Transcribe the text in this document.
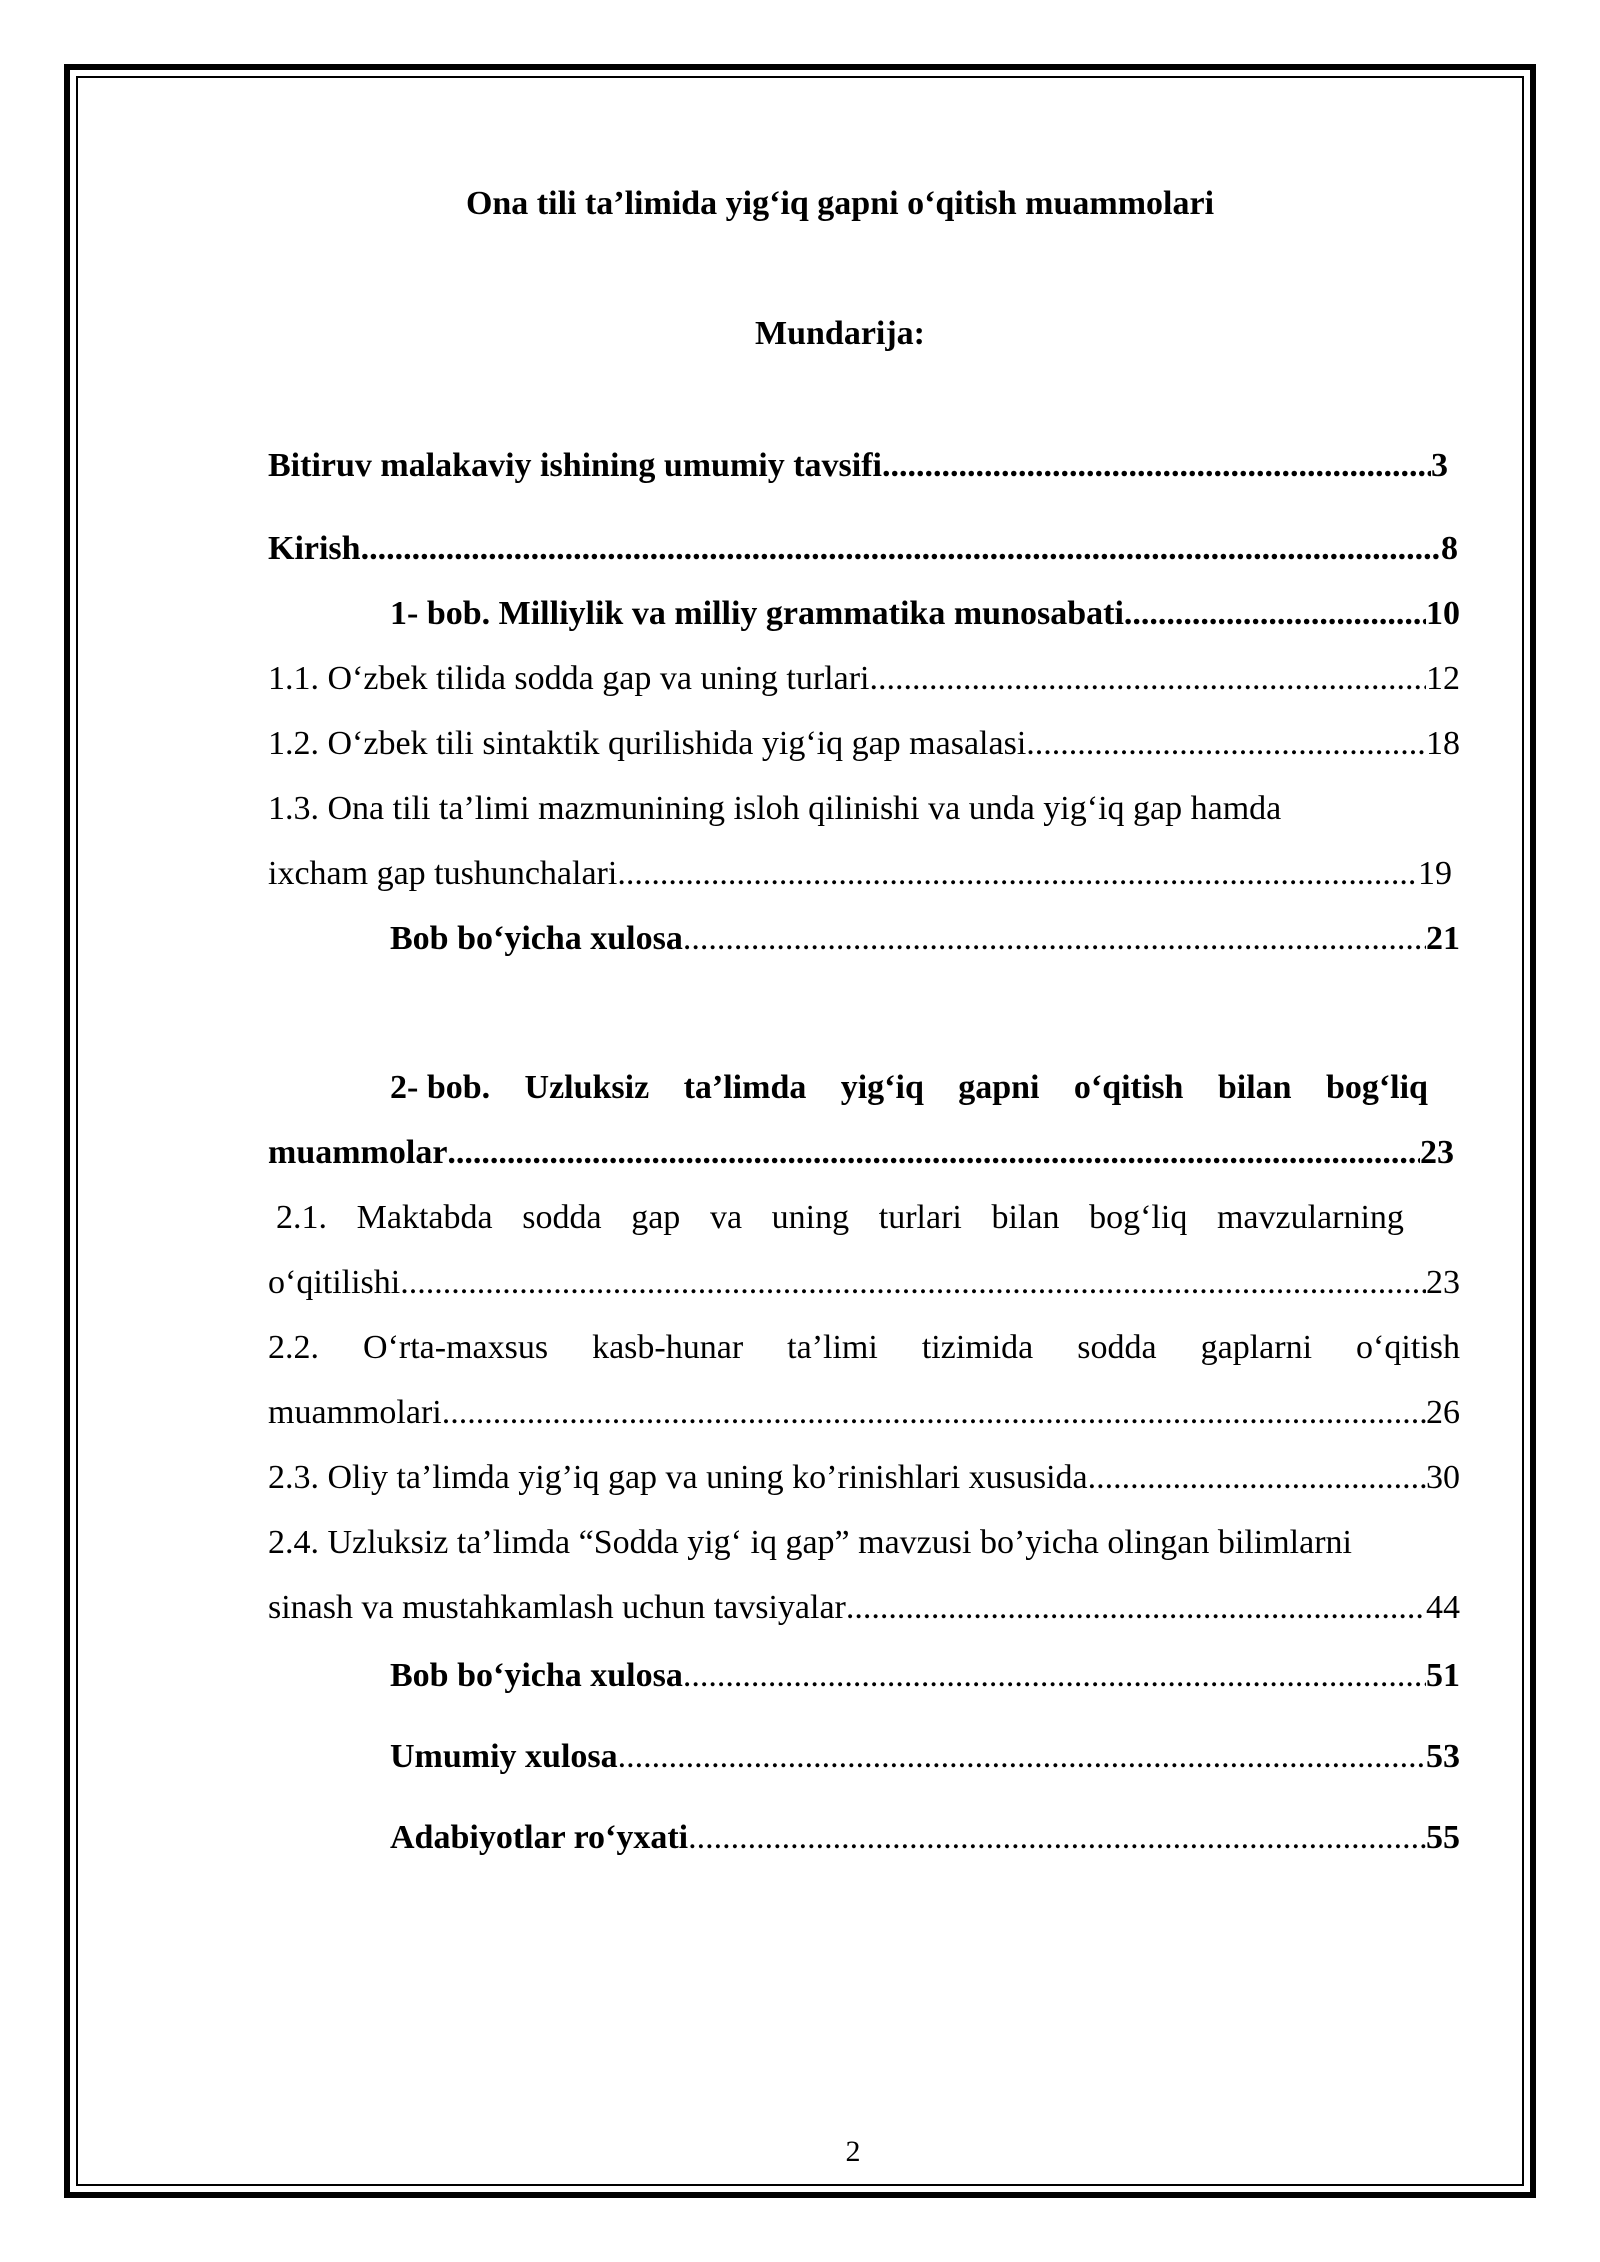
Ona tili ta’limida yig‘iq gapni o‘qitish muammolari
Mundarija:
Bitiruv malakaviy ishining umumiy tavsifi .....	3
Kirish .....	8
1- bob. Milliylik va milliy grammatika munosabati .....	10
1.1. O‘zbek tilida sodda gap va uning turlari .....	12
1.2. O‘zbek tili sintaktik qurilishida yig‘iq gap masalasi .....	18
1.3. Ona tili ta’limi mazmunining isloh qilinishi va unda yig‘iq gap hamda
ixcham gap tushunchalari .....	19
Bob bo‘yicha xulosa .....	21
2- bob. Uzluksiz ta’limda yig‘iq gapni o‘qitish bilan bog‘liq
muammolar .....	23
2.1. Maktabda sodda gap va uning turlari bilan bog‘liq mavzularning
o‘qitilishi .....	23
2.2. O‘rta-maxsus kasb-hunar ta’limi tizimida sodda gaplarni o‘qitish
muammolari .....	26
2.3. Oliy ta’limda yig’iq gap va uning ko’rinishlari xususida .....	30
2.4. Uzluksiz ta’limda “Sodda yig‘ iq gap” mavzusi bo’yicha olingan bilimlarni
sinash va mustahkamlash uchun tavsiyalar .....	44
Bob bo‘yicha xulosa .....	51
Umumiy xulosa .....	53
Adabiyotlar ro‘yxati .....	55
2
